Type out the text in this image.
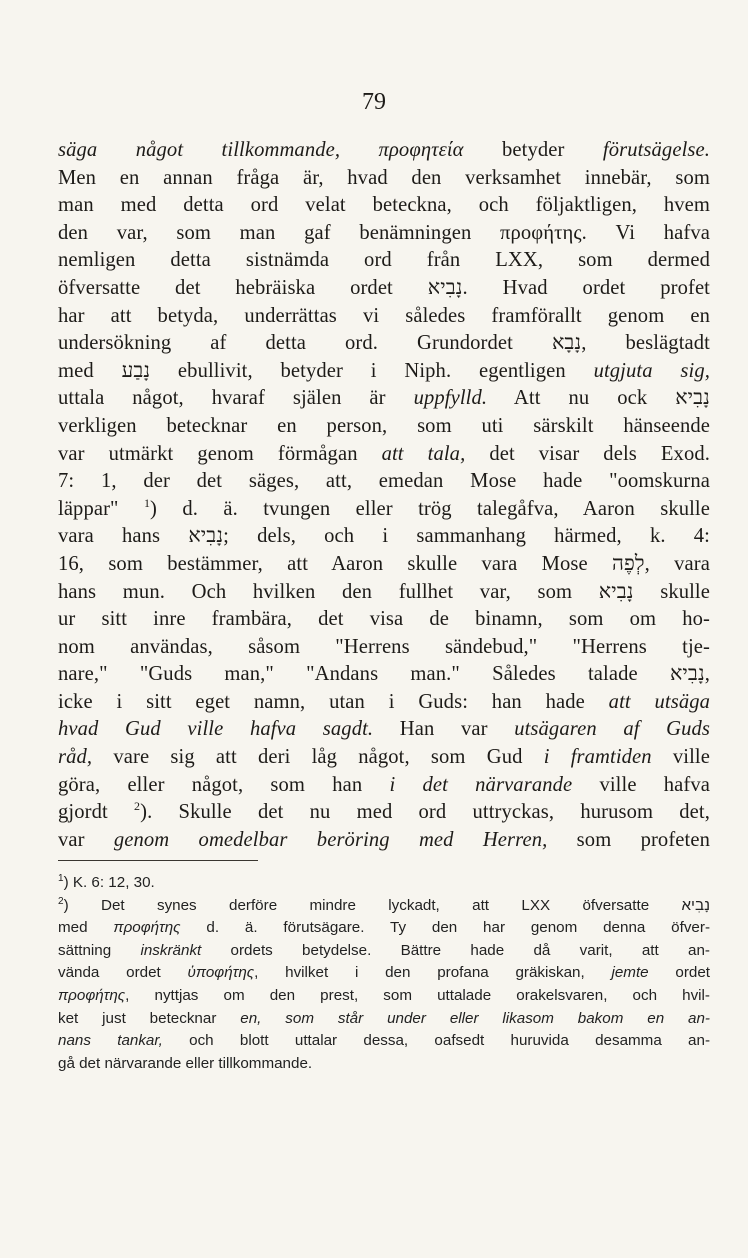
79
säga något tillkommande, προφητεία betyder förutsägelse.
Men en annan fråga är, hvad den verksamhet innebär, som
man med detta ord velat beteckna, och följaktligen, hvem
den var, som man gaf benämningen προφήτης. Vi hafva
nemligen detta sistnämda ord från LXX, som dermed
öfversatte det hebräiska ordet נָבִיא. Hvad ordet profet
har att betyda, underrättas vi således framförallt genom en
undersökning af detta ord. Grundordet נָבָא, beslägtadt
med נָבַע ebullivit, betyder i Niph. egentligen utgjuta sig,
uttala något, hvaraf själen är uppfylld. Att nu ock נָבִיא
verkligen betecknar en person, som uti särskilt hänseende
var utmärkt genom förmågan att tala, det visar dels Exod.
7: 1, der det säges, att, emedan Mose hade "oomskurna
läppar" $^1$) d. ä. tvungen eller trög talegåfva, Aaron skulle
vara hans נָבִיא; dels, och i sammanhang härmed, k. 4:
16, som bestämmer, att Aaron skulle vara Mose לְפֶה, vara
hans mun. Och hvilken den fullhet var, som נָבִיא skulle
ur sitt inre frambära, det visa de binamn, som om ho-
nom användas, såsom "Herrens sändebud," "Herrens tje-
nare," "Guds man," "Andans man." Således talade נָבִיא,
icke i sitt eget namn, utan i Guds: han hade att utsäga
hvad Gud ville hafva sagdt. Han var utsägaren af Guds
råd, vare sig att deri låg något, som Gud i framtiden ville
göra, eller något, som han i det närvarande ville hafva
gjordt $^2$). Skulle det nu med ord uttryckas, hurusom det,
var genom omedelbar beröring med Herren, som profeten
$^1$) K. 6: 12, 30.
$^2$) Det synes derföre mindre lyckadt, att LXX öfversatte נָבִיא
med προφήτης d. ä. förutsägare. Ty den har genom denna öfver-
sättning inskränkt ordets betydelse. Bättre hade då varit, att an-
vända ordet ὑποφήτης, hvilket i den profana gräkiskan, jemte ordet
προφήτης, nyttjas om den prest, som uttalade orakelsvaren, och hvil-
ket just betecknar en, som står under eller likasom bakom en an-
nans tankar, och blott uttalar dessa, oafsedt huruvida desamma an-
gå det närvarande eller tillkommande.
